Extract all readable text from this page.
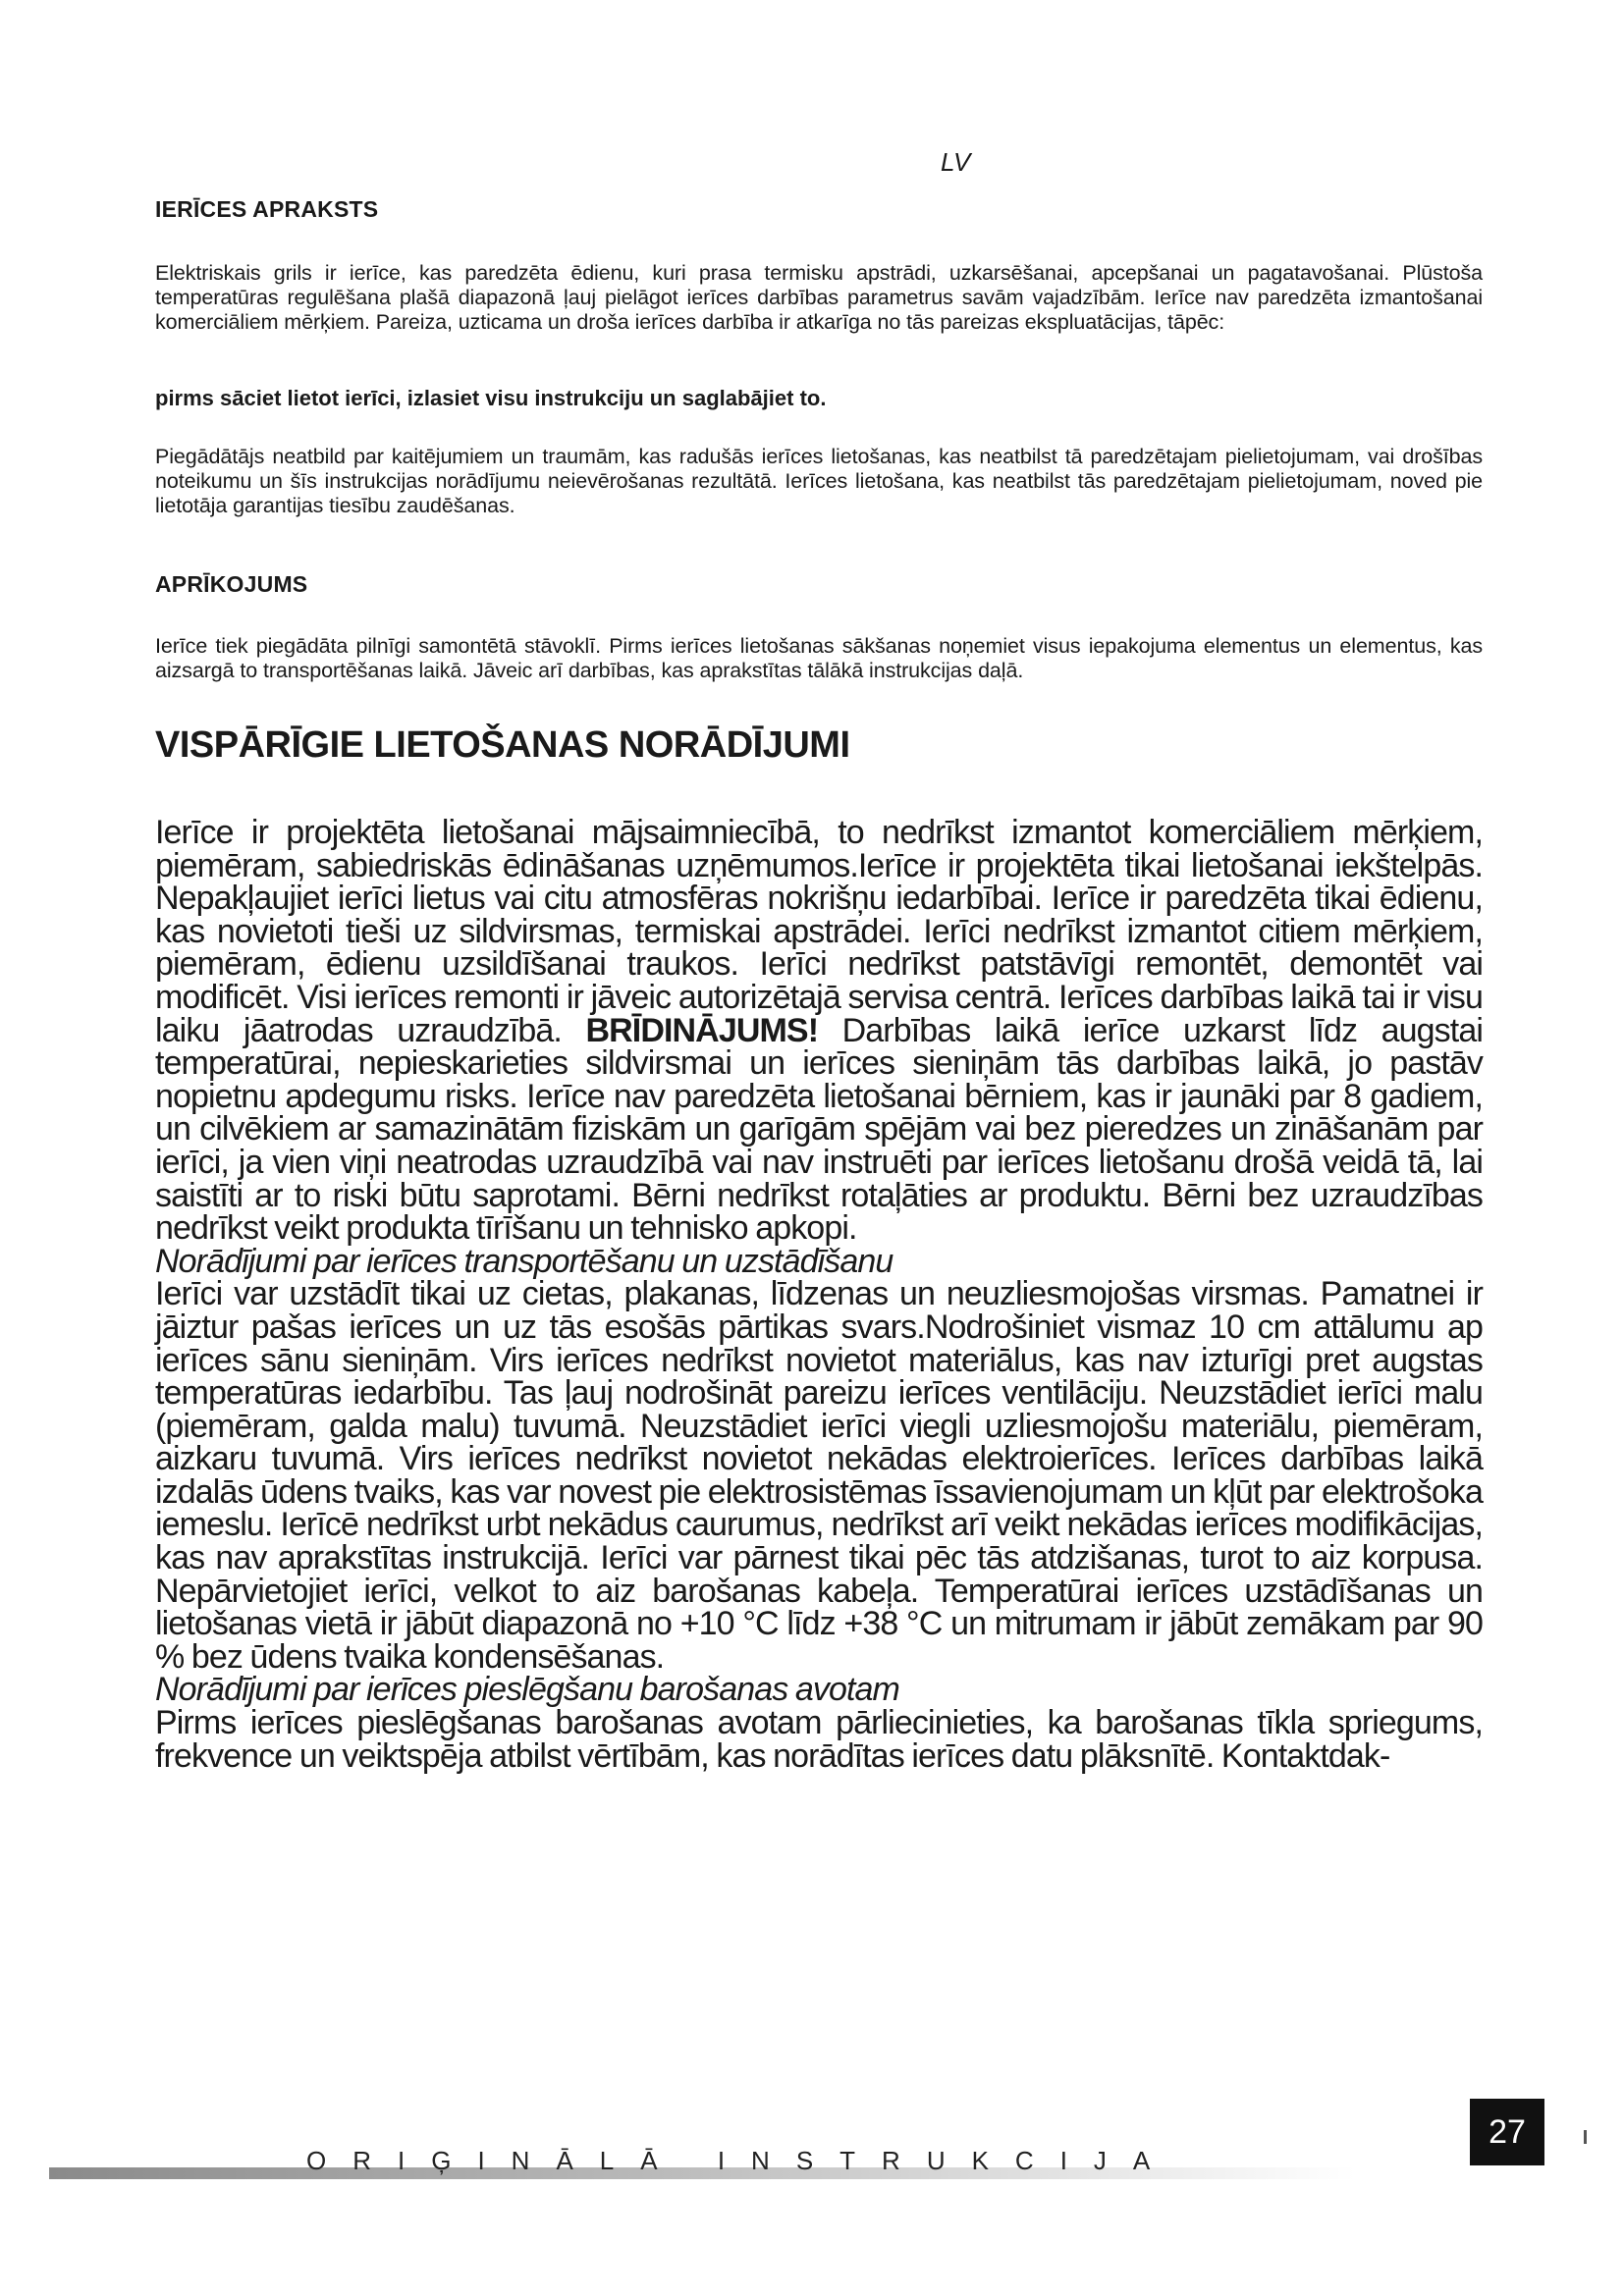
LV
IERĪCES APRAKSTS
Elektriskais grils ir ierīce, kas paredzēta ēdienu, kuri prasa termisku apstrādi, uzkarsēšanai, apcepšanai un pagatavošanai. Plūstoša temperatūras regulēšana plašā diapazonā ļauj pielāgot ierīces darbības parametrus savām vajadzībām. Ierīce nav paredzēta izmantošanai komerciāliem mērķiem. Pareiza, uzticama un droša ierīces darbība ir atkarīga no tās pareizas ekspluatācijas, tāpēc:
pirms sāciet lietot ierīci, izlasiet visu instrukciju un saglabājiet to.
Piegādātājs neatbild par kaitējumiem un traumām, kas radušās ierīces lietošanas, kas neatbilst tā paredzētajam pielietojumam, vai drošības noteikumu un šīs instrukcijas norādījumu neievērošanas rezultātā. Ierīces lietošana, kas neatbilst tās paredzētajam pielietojumam, noved pie lietotāja garantijas tiesību zaudēšanas.
APRĪKOJUMS
Ierīce tiek piegādāta pilnīgi samontētā stāvoklī. Pirms ierīces lietošanas sākšanas noņemiet visus iepakojuma elementus un elementus, kas aizsargā to transportēšanas laikā. Jāveic arī darbības, kas aprakstītas tālākā instrukcijas daļā.
VISPĀRĪGIE LIETOŠANAS NORĀDĪJUMI

Ierīce ir projektēta lietošanai mājsaimniecībā, to nedrīkst izmantot komerciāliem mērķiem, piemēram, sabiedriskās ēdināšanas uzņēmumos.Ierīce ir projektēta tikai lietošanai iekštelpās. Nepakļaujiet ierīci lietus vai citu atmosfēras nokrišņu iedarbībai. Ierīce ir paredzēta tikai ēdienu, kas novietoti tieši uz sildvirsmas, termiskai apstrādei. Ierīci nedrīkst izmantot citiem mērķiem, piemēram, ēdienu uzsildīšanai traukos. Ierīci nedrīkst patstāvīgi remontēt, demontēt vai modificēt. Visi ierīces remonti ir jāveic autorizētajā servisa centrā. Ierīces darbības laikā tai ir visu laiku jāatrodas uzraudzībā. BRĪDINĀJUMS! Darbības laikā ierīce uzkarst līdz augstai temperatūrai, nepieskarieties sildvirsmai un ierīces sieniņām tās darbības laikā, jo pastāv nopietnu apdegumu risks. Ierīce nav paredzēta lietošanai bērniem, kas ir jaunāki par 8 gadiem, un cilvēkiem ar samazinātām fiziskām un garīgām spējām vai bez pieredzes un zināšanām par ierīci, ja vien viņi neatrodas uzraudzībā vai nav instruēti par ierīces lietošanu drošā veidā tā, lai saistīti ar to riski būtu saprotami. Bērni nedrīkst rotaļāties ar produktu. Bērni bez uzraudzības nedrīkst veikt produkta tīrīšanu un tehnisko apkopi.

Norādījumi par ierīces transportēšanu un uzstādīšanu

Ierīci var uzstādīt tikai uz cietas, plakanas, līdzenas un neuzliesmojošas virsmas. Pamatnei ir jāiztur pašas ierīces un uz tās esošās pārtikas svars.Nodrošiniet vismaz 10 cm attālumu ap ierīces sānu sieniņām. Virs ierīces nedrīkst novietot materiālus, kas nav izturīgi pret augstas temperatūras iedarbību. Tas ļauj nodrošināt pareizu ierīces ventilāciju. Neuzstādiet ierīci malu (piemēram, galda malu) tuvumā. Neuzstādiet ierīci viegli uzliesmojošu materiālu, piemēram, aizkaru tuvumā. Virs ierīces nedrīkst novietot nekādas elektroierīces. Ierīces darbības laikā izdalās ūdens tvaiks, kas var novest pie elektrosistēmas īssavienojumam un kļūt par elektrošoka iemeslu. Ierīcē nedrīkst urbt nekādus caurumus, nedrīkst arī veikt nekādas ierīces modifikācijas, kas nav aprakstītas instrukcijā. Ierīci var pārnest tikai pēc tās atdzišanas, turot to aiz korpusa. Nepārvietojiet ierīci, velkot to aiz barošanas kabeļa. Temperatūrai ierīces uzstādīšanas un lietošanas vietā ir jābūt diapazonā no +10 °C līdz +38 °C un mitrumam ir jābūt zemākam par 90 % bez ūdens tvaika kondensēšanas.

Norādījumi par ierīces pieslēgšanu barošanas avotam

Pirms ierīces pieslēgšanas barošanas avotam pārliecinieties, ka barošanas tīkla spriegums, frekvence un veiktspēja atbilst vērtībām, kas norādītas ierīces datu plāksnītē. Kontaktdak-

ORIĢINĀLĀ INSTRUKCIJA
27
